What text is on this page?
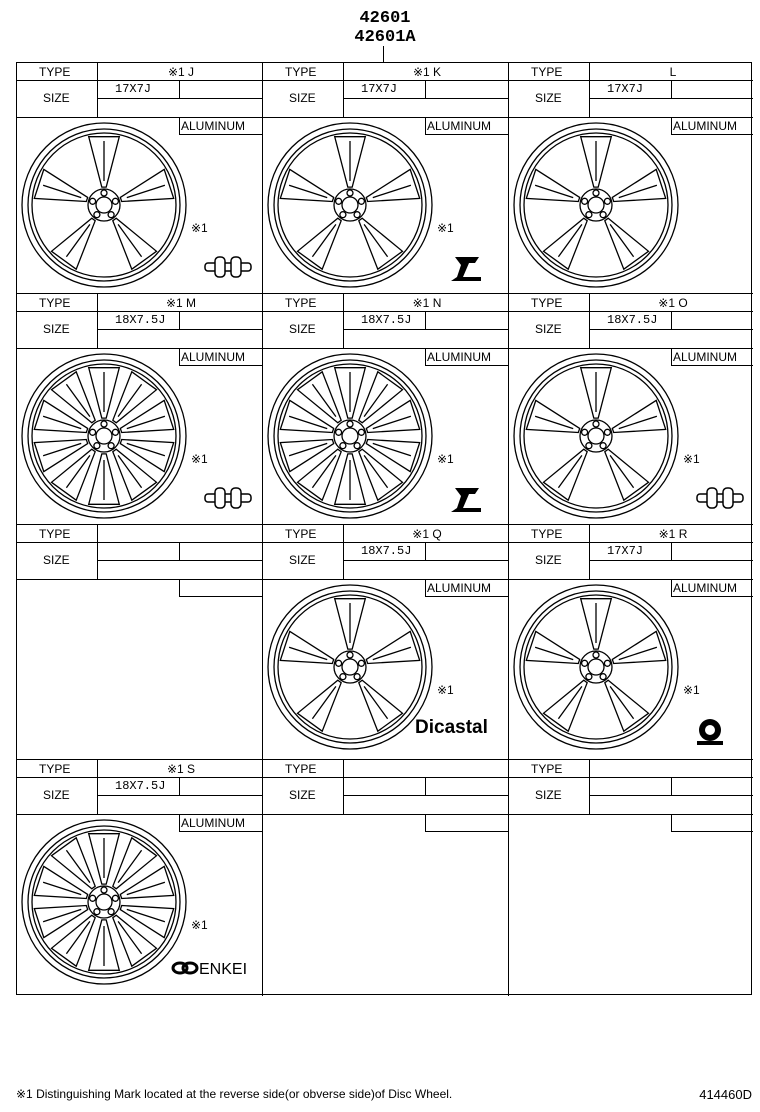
42601
42601A
TYPE
SIZE
※1 J
17X7J
ALUMINUM
※1
TYPE
SIZE
※1 K
17X7J
ALUMINUM
※1
TYPE
SIZE
L
17X7J
ALUMINUM
TYPE
SIZE
※1 M
18X7.5J
ALUMINUM
※1
TYPE
SIZE
※1 N
18X7.5J
ALUMINUM
※1
TYPE
SIZE
※1 O
18X7.5J
ALUMINUM
※1
TYPE
SIZE
TYPE
SIZE
※1 Q
18X7.5J
ALUMINUM
※1
Dicastal
TYPE
SIZE
※1 R
17X7J
ALUMINUM
※1
TYPE
SIZE
※1 S
18X7.5J
ALUMINUM
※1
ENKEI
TYPE
SIZE
TYPE
SIZE
※1 Distinguishing Mark located at the reverse side(or obverse side)of Disc Wheel.	414460D
